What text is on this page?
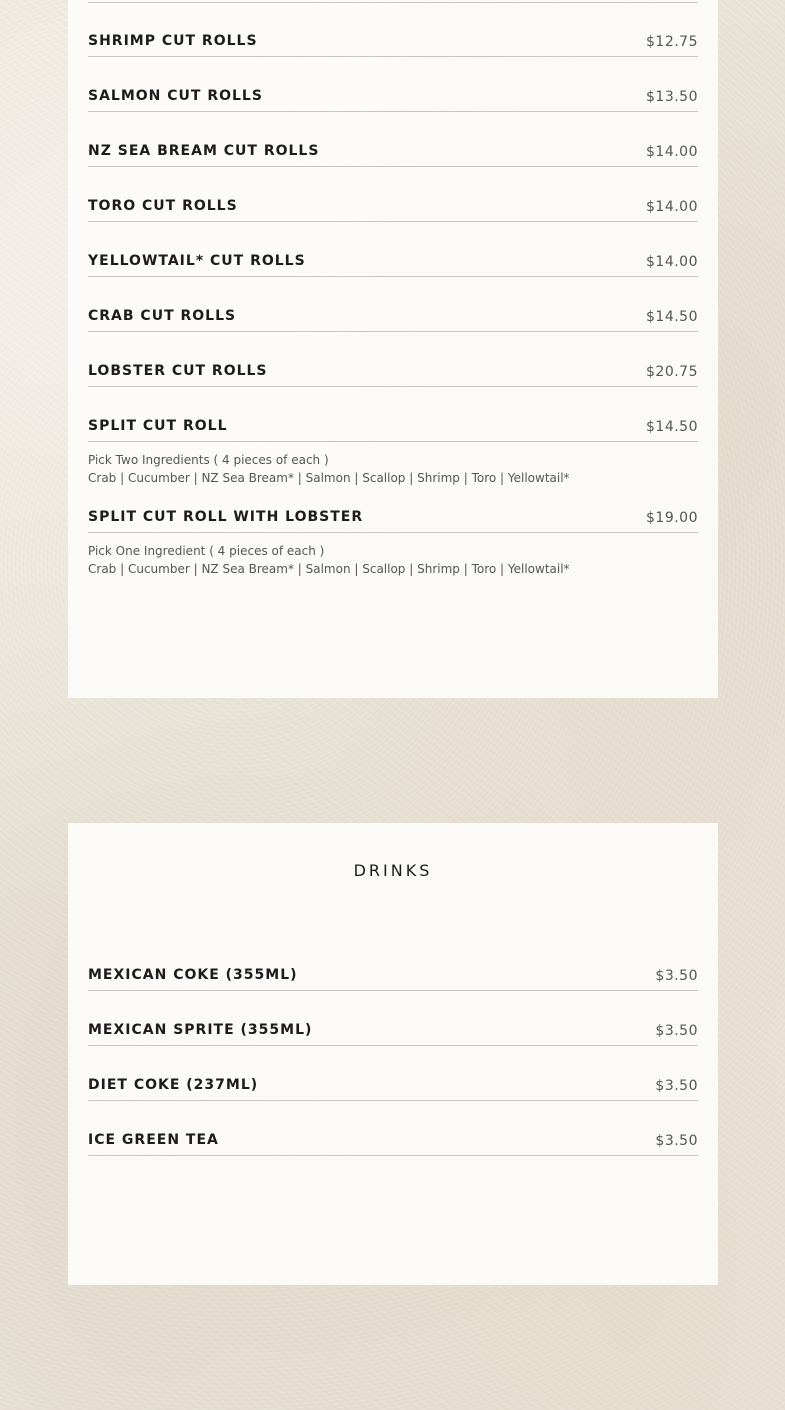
SHRIMP CUT ROLLS	$12.75
SALMON CUT ROLLS	$13.50
NZ SEA BREAM CUT ROLLS	$14.00
TORO CUT ROLLS	$14.00
YELLOWTAIL* CUT ROLLS	$14.00
CRAB CUT ROLLS	$14.50
LOBSTER CUT ROLLS	$20.75
SPLIT CUT ROLL	$14.50
Pick Two Ingredients ( 4 pieces of each )
Crab | Cucumber | NZ Sea Bream* | Salmon | Scallop | Shrimp | Toro | Yellowtail*
SPLIT CUT ROLL WITH LOBSTER	$19.00
Pick One Ingredient ( 4 pieces of each )
Crab | Cucumber | NZ Sea Bream* | Salmon | Scallop | Shrimp | Toro | Yellowtail*
DRINKS
MEXICAN COKE (355ML)	$3.50
MEXICAN SPRITE (355ML)	$3.50
DIET COKE (237ML)	$3.50
ICE GREEN TEA	$3.50
